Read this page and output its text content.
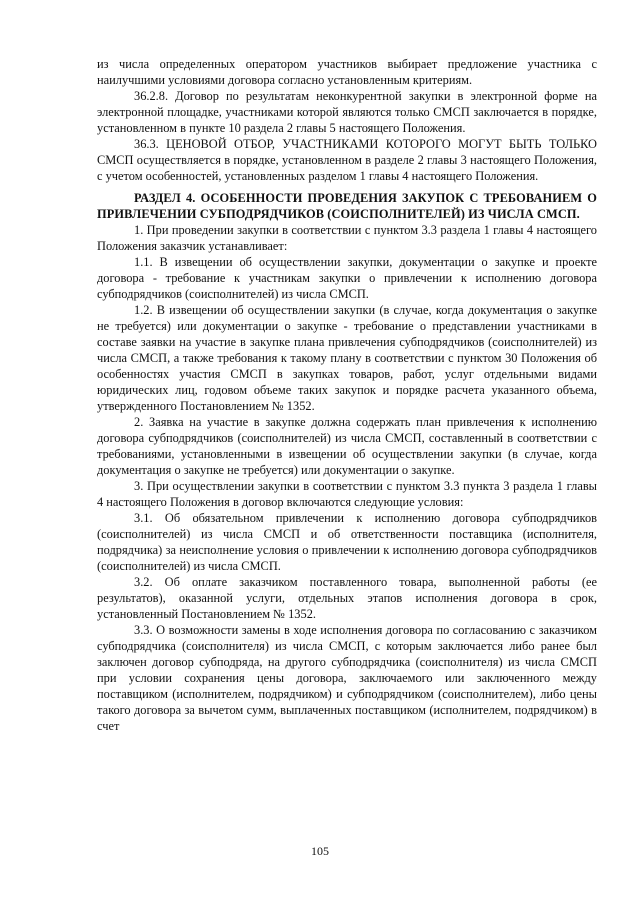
из числа определенных оператором участников выбирает предложение участника с наилучшими условиями договора согласно установленным критериям.

36.2.8. Договор по результатам неконкурентной закупки в электронной форме на электронной площадке, участниками которой являются только СМСП заключается в порядке, установленном в пункте 10 раздела 2 главы 5 настоящего Положения.

36.3. ЦЕНОВОЙ ОТБОР, УЧАСТНИКАМИ КОТОРОГО МОГУТ БЫТЬ ТОЛЬКО СМСП осуществляется в порядке, установленном в разделе 2 главы 3 настоящего Положения, с учетом особенностей, установленных разделом 1 главы 4 настоящего Положения.

РАЗДЕЛ 4. ОСОБЕННОСТИ ПРОВЕДЕНИЯ ЗАКУПОК С ТРЕБОВАНИЕМ О ПРИВЛЕЧЕНИИ СУБПОДРЯДЧИКОВ (СОИСПОЛНИТЕЛЕЙ) ИЗ ЧИСЛА СМСП.

1. При проведении закупки в соответствии с пунктом 3.3 раздела 1 главы 4 настоящего Положения заказчик устанавливает:

1.1. В извещении об осуществлении закупки, документации о закупке и проекте договора - требование к участникам закупки о привлечении к исполнению договора субподрядчиков (соисполнителей) из числа СМСП.

1.2. В извещении об осуществлении закупки (в случае, когда документация о закупке не требуется) или документации о закупке - требование о представлении участниками в составе заявки на участие в закупке плана привлечения субподрядчиков (соисполнителей) из числа СМСП, а также требования к такому плану в соответствии с пунктом 30 Положения об особенностях участия СМСП в закупках товаров, работ, услуг отдельными видами юридических лиц, годовом объеме таких закупок и порядке расчета указанного объема, утвержденного Постановлением № 1352.

2. Заявка на участие в закупке должна содержать план привлечения к исполнению договора субподрядчиков (соисполнителей) из числа СМСП, составленный в соответствии с требованиями, установленными в извещении об осуществлении закупки (в случае, когда документация о закупке не требуется) или документации о закупке.

3. При осуществлении закупки в соответствии с пунктом 3.3 пункта 3 раздела 1 главы 4 настоящего Положения в договор включаются следующие условия:

3.1. Об обязательном привлечении к исполнению договора субподрядчиков (соисполнителей) из числа СМСП и об ответственности поставщика (исполнителя, подрядчика) за неисполнение условия о привлечении к исполнению договора субподрядчиков (соисполнителей) из числа СМСП.

3.2. Об оплате заказчиком поставленного товара, выполненной работы (ее результатов), оказанной услуги, отдельных этапов исполнения договора в срок, установленный Постановлением № 1352.

3.3. О возможности замены в ходе исполнения договора по согласованию с заказчиком субподрядчика (соисполнителя) из числа СМСП, с которым заключается либо ранее был заключен договор субподряда, на другого субподрядчика (соисполнителя) из числа СМСП при условии сохранения цены договора, заключаемого или заключенного между поставщиком (исполнителем, подрядчиком) и субподрядчиком (соисполнителем), либо цены такого договора за вычетом сумм, выплаченных поставщиком (исполнителем, подрядчиком) в счет

105
